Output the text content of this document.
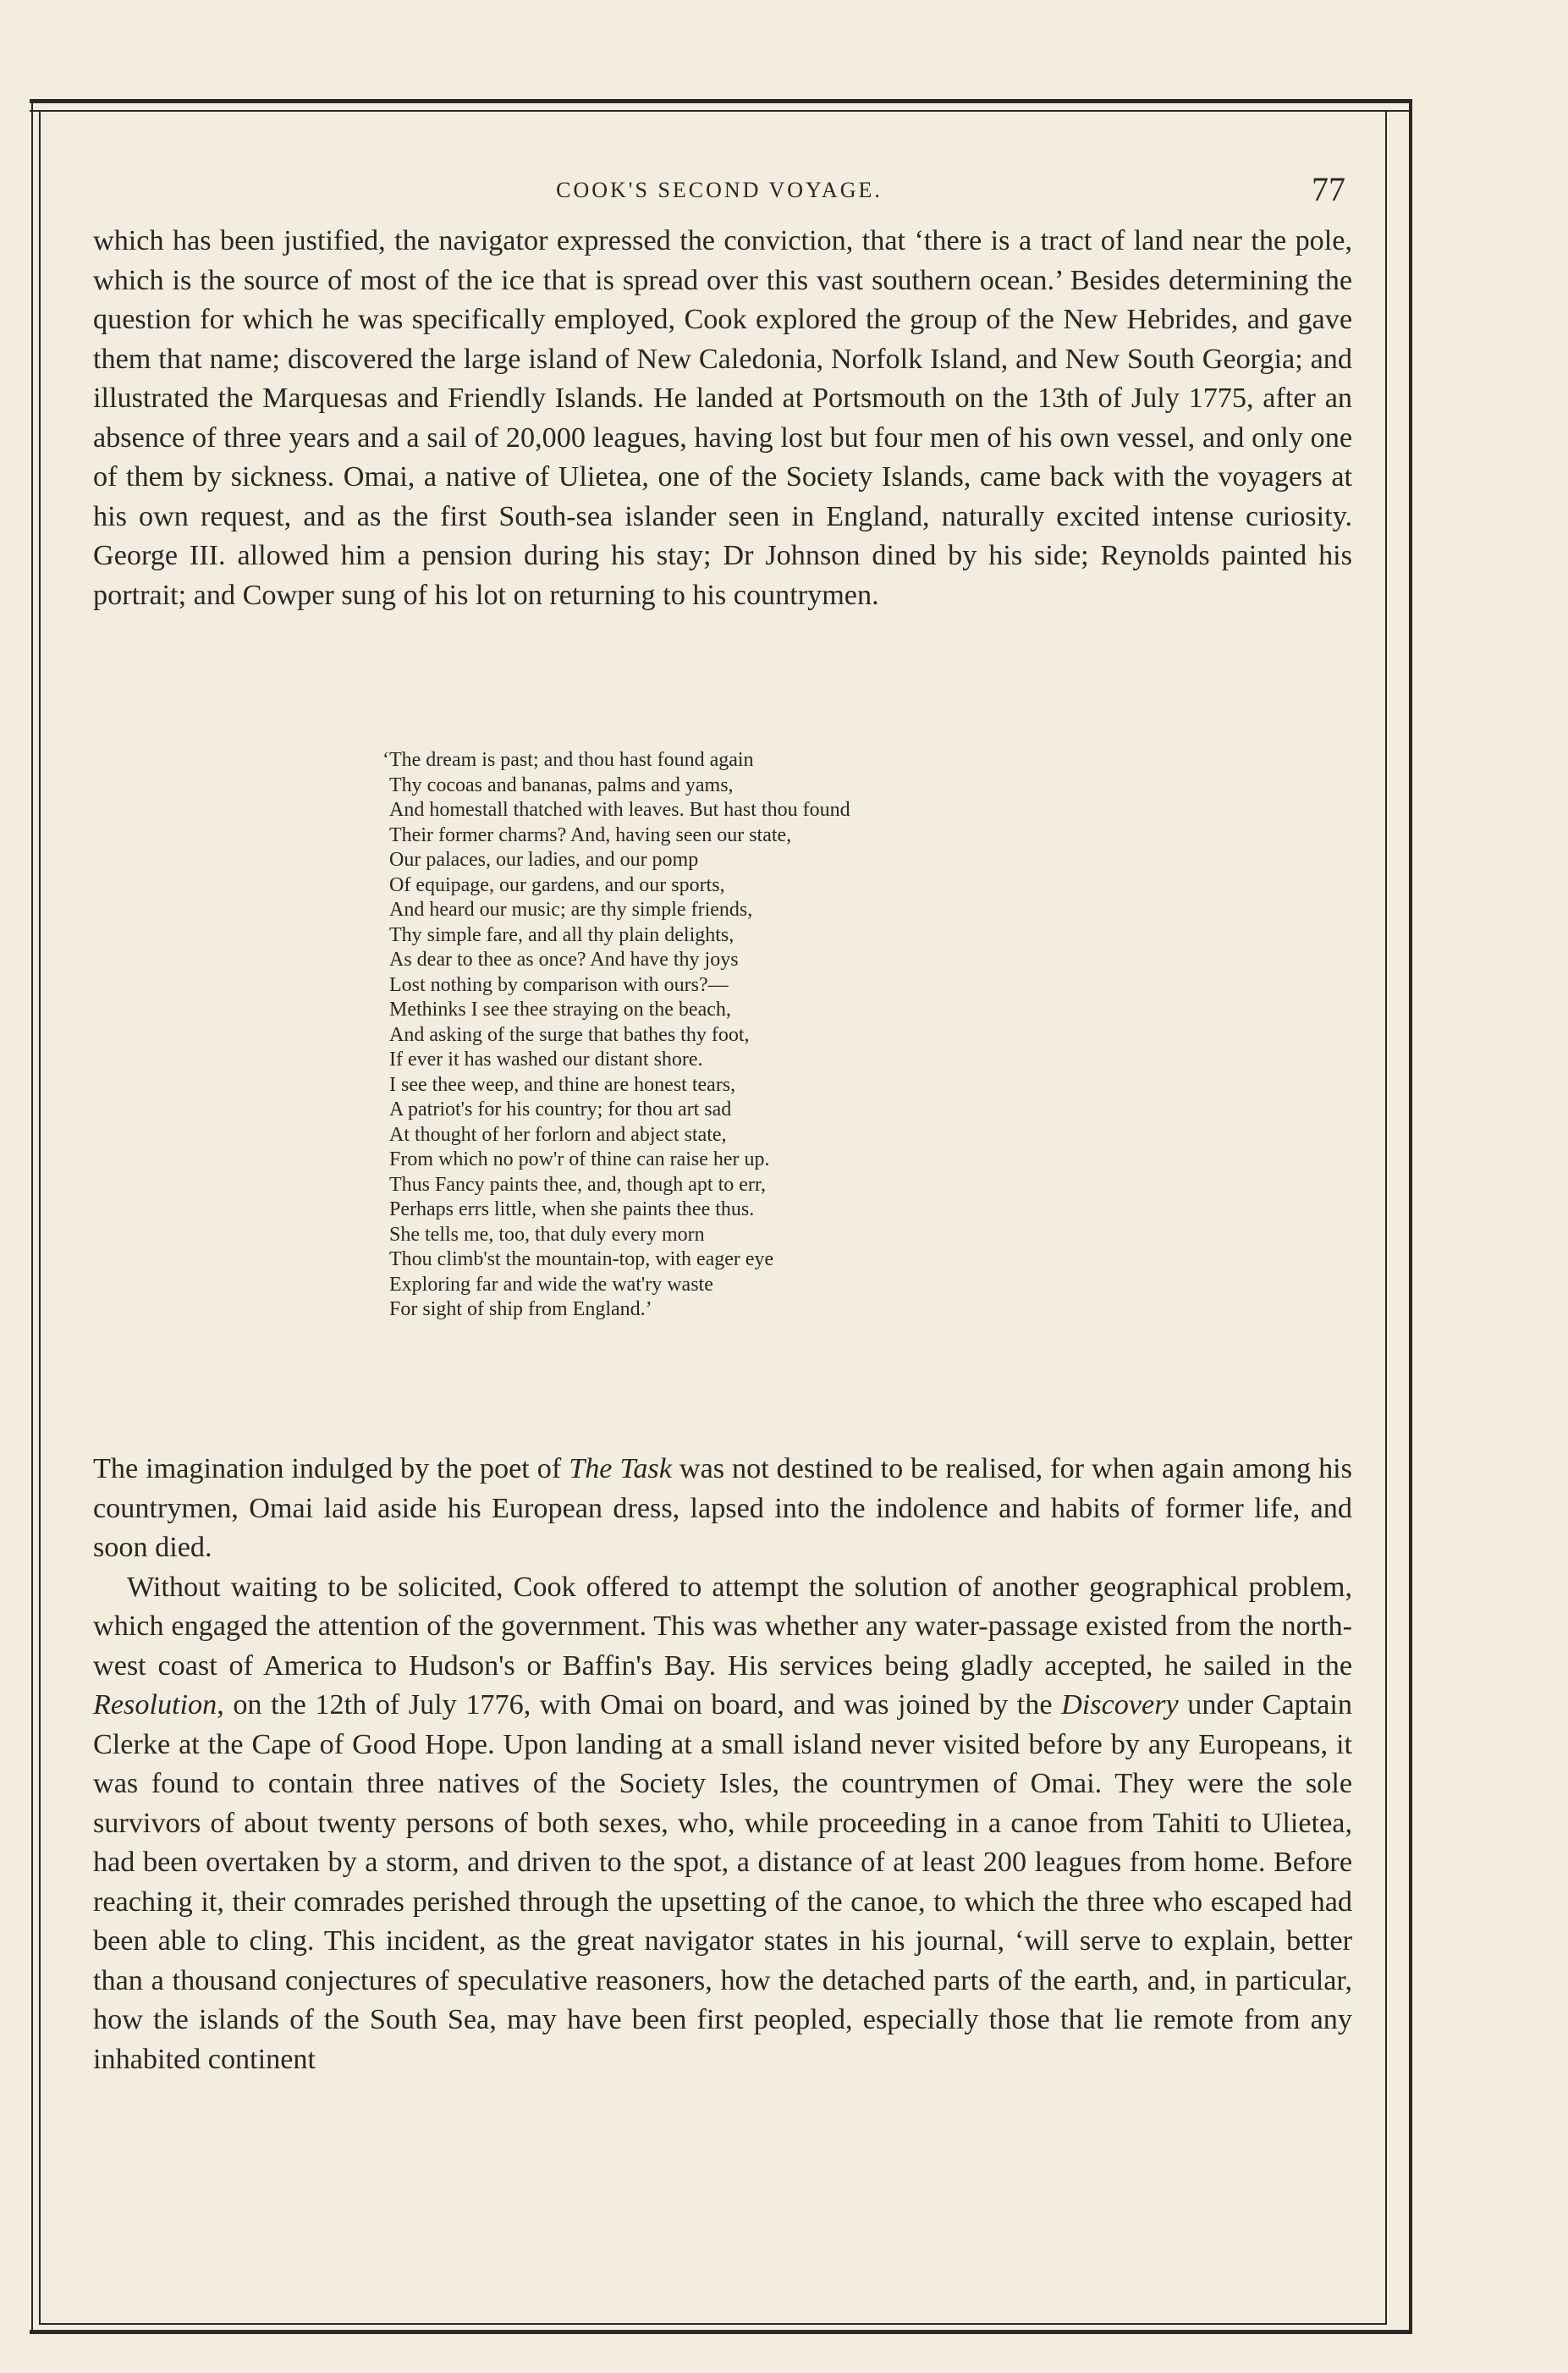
COOK'S SECOND VOYAGE.	77

which has been justified, the navigator expressed the conviction, that ‘there is a tract of land near the pole, which is the source of most of the ice that is spread over this vast southern ocean.’ Besides determining the question for which he was specifically employed, Cook explored the group of the New Hebrides, and gave them that name; discovered the large island of New Caledonia, Norfolk Island, and New South Georgia; and illustrated the Marquesas and Friendly Islands. He landed at Portsmouth on the 13th of July 1775, after an absence of three years and a sail of 20,000 leagues, having lost but four men of his own vessel, and only one of them by sickness. Omai, a native of Ulietea, one of the Society Islands, came back with the voyagers at his own request, and as the first South-sea islander seen in England, naturally excited intense curiosity. George III. allowed him a pension during his stay; Dr Johnson dined by his side; Reynolds painted his portrait; and Cowper sung of his lot on returning to his countrymen.

‘The dream is past; and thou hast found again
Thy cocoas and bananas, palms and yams,
And homestall thatched with leaves. But hast thou found
Their former charms? And, having seen our state,
Our palaces, our ladies, and our pomp
Of equipage, our gardens, and our sports,
And heard our music; are thy simple friends,
Thy simple fare, and all thy plain delights,
As dear to thee as once? And have thy joys
Lost nothing by comparison with ours?—
Methinks I see thee straying on the beach,
And asking of the surge that bathes thy foot,
If ever it has washed our distant shore.
I see thee weep, and thine are honest tears,
A patriot's for his country; for thou art sad
At thought of her forlorn and abject state,
From which no pow'r of thine can raise her up.
Thus Fancy paints thee, and, though apt to err,
Perhaps errs little, when she paints thee thus.
She tells me, too, that duly every morn
Thou climb'st the mountain-top, with eager eye
Exploring far and wide the wat'ry waste
For sight of ship from England.’

The imagination indulged by the poet of The Task was not destined to be realised, for when again among his countrymen, Omai laid aside his European dress, lapsed into the indolence and habits of former life, and soon died.

Without waiting to be solicited, Cook offered to attempt the solution of another geographical problem, which engaged the attention of the government. This was whether any water-passage existed from the north-west coast of America to Hudson's or Baffin's Bay. His services being gladly accepted, he sailed in the Resolution, on the 12th of July 1776, with Omai on board, and was joined by the Discovery under Captain Clerke at the Cape of Good Hope. Upon landing at a small island never visited before by any Europeans, it was found to contain three natives of the Society Isles, the countrymen of Omai. They were the sole survivors of about twenty persons of both sexes, who, while proceeding in a canoe from Tahiti to Ulietea, had been overtaken by a storm, and driven to the spot, a distance of at least 200 leagues from home. Before reaching it, their comrades perished through the upsetting of the canoe, to which the three who escaped had been able to cling. This incident, as the great navigator states in his journal, ‘will serve to explain, better than a thousand conjectures of speculative reasoners, how the detached parts of the earth, and, in particular, how the islands of the South Sea, may have been first peopled, especially those that lie remote from any inhabited continent
